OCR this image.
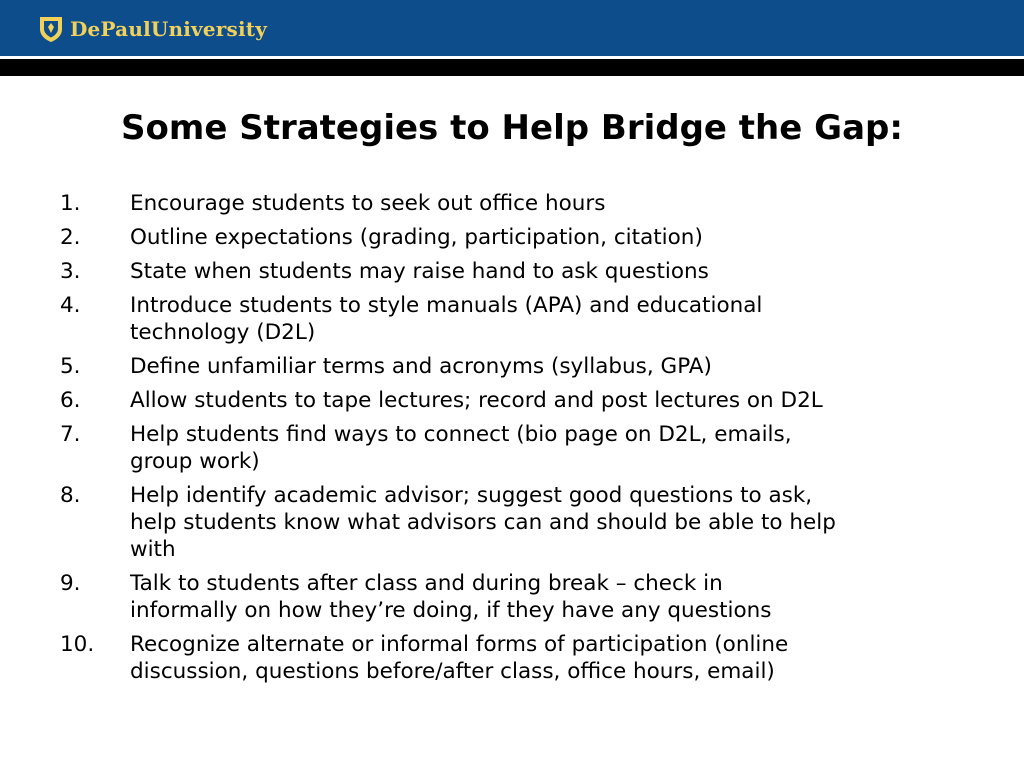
DePaulUniversity
Some Strategies to Help Bridge the Gap:
1.	Encourage students to seek out office hours
2.	Outline expectations (grading, participation, citation)
3.	State when students may raise hand to ask questions
4.	Introduce students to style manuals (APA) and educational
technology (D2L)
5.	Define unfamiliar terms and acronyms (syllabus, GPA)
6.	Allow students to tape lectures; record and post lectures on D2L
7.	Help students find ways to connect (bio page on D2L, emails,
group work)
8.	Help identify academic advisor; suggest good questions to ask,
help students know what advisors can and should be able to help
with
9.	Talk to students after class and during break – check in
informally on how they’re doing, if they have any questions
10.	Recognize alternate or informal forms of participation (online
discussion, questions before/after class, office hours, email)
